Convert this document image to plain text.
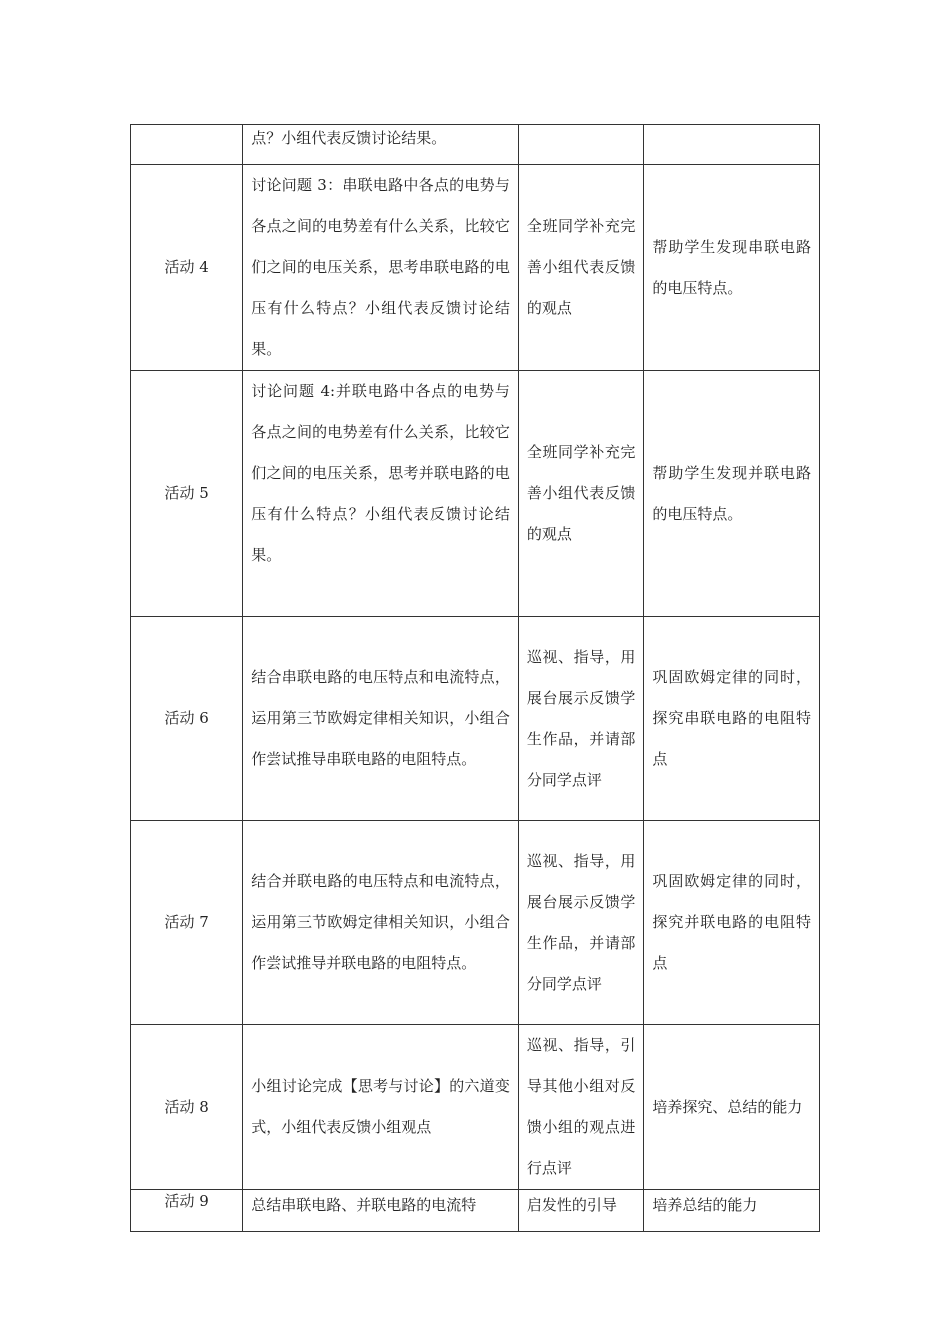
	点？小组代表反馈讨论结果。		

活动 4	讨论问题 3：串联电路中各点的电势与各点之间的电势差有什么关系，比较它们之间的电压关系，思考串联电路的电压有什么特点？小组代表反馈讨论结果。	全班同学补充完善小组代表反馈的观点	帮助学生发现串联电路的电压特点。

活动 5	讨论问题 4:并联电路中各点的电势与各点之间的电势差有什么关系，比较它们之间的电压关系，思考并联电路的电压有什么特点？小组代表反馈讨论结果。	全班同学补充完善小组代表反馈的观点	帮助学生发现并联电路的电压特点。

活动 6	结合串联电路的电压特点和电流特点，运用第三节欧姆定律相关知识，小组合作尝试推导串联电路的电阻特点。	巡视、指导，用展台展示反馈学生作品，并请部分同学点评	巩固欧姆定律的同时，探究串联电路的电阻特点

活动 7	结合并联电路的电压特点和电流特点，运用第三节欧姆定律相关知识，小组合作尝试推导并联电路的电阻特点。	巡视、指导，用展台展示反馈学生作品，并请部分同学点评	巩固欧姆定律的同时，探究并联电路的电阻特点

活动 8	小组讨论完成【思考与讨论】的六道变式，小组代表反馈小组观点	巡视、指导，引导其他小组对反馈小组的观点进行点评	培养探究、总结的能力

活动 9	总结串联电路、并联电路的电流特	启发性的引导	培养总结的能力
